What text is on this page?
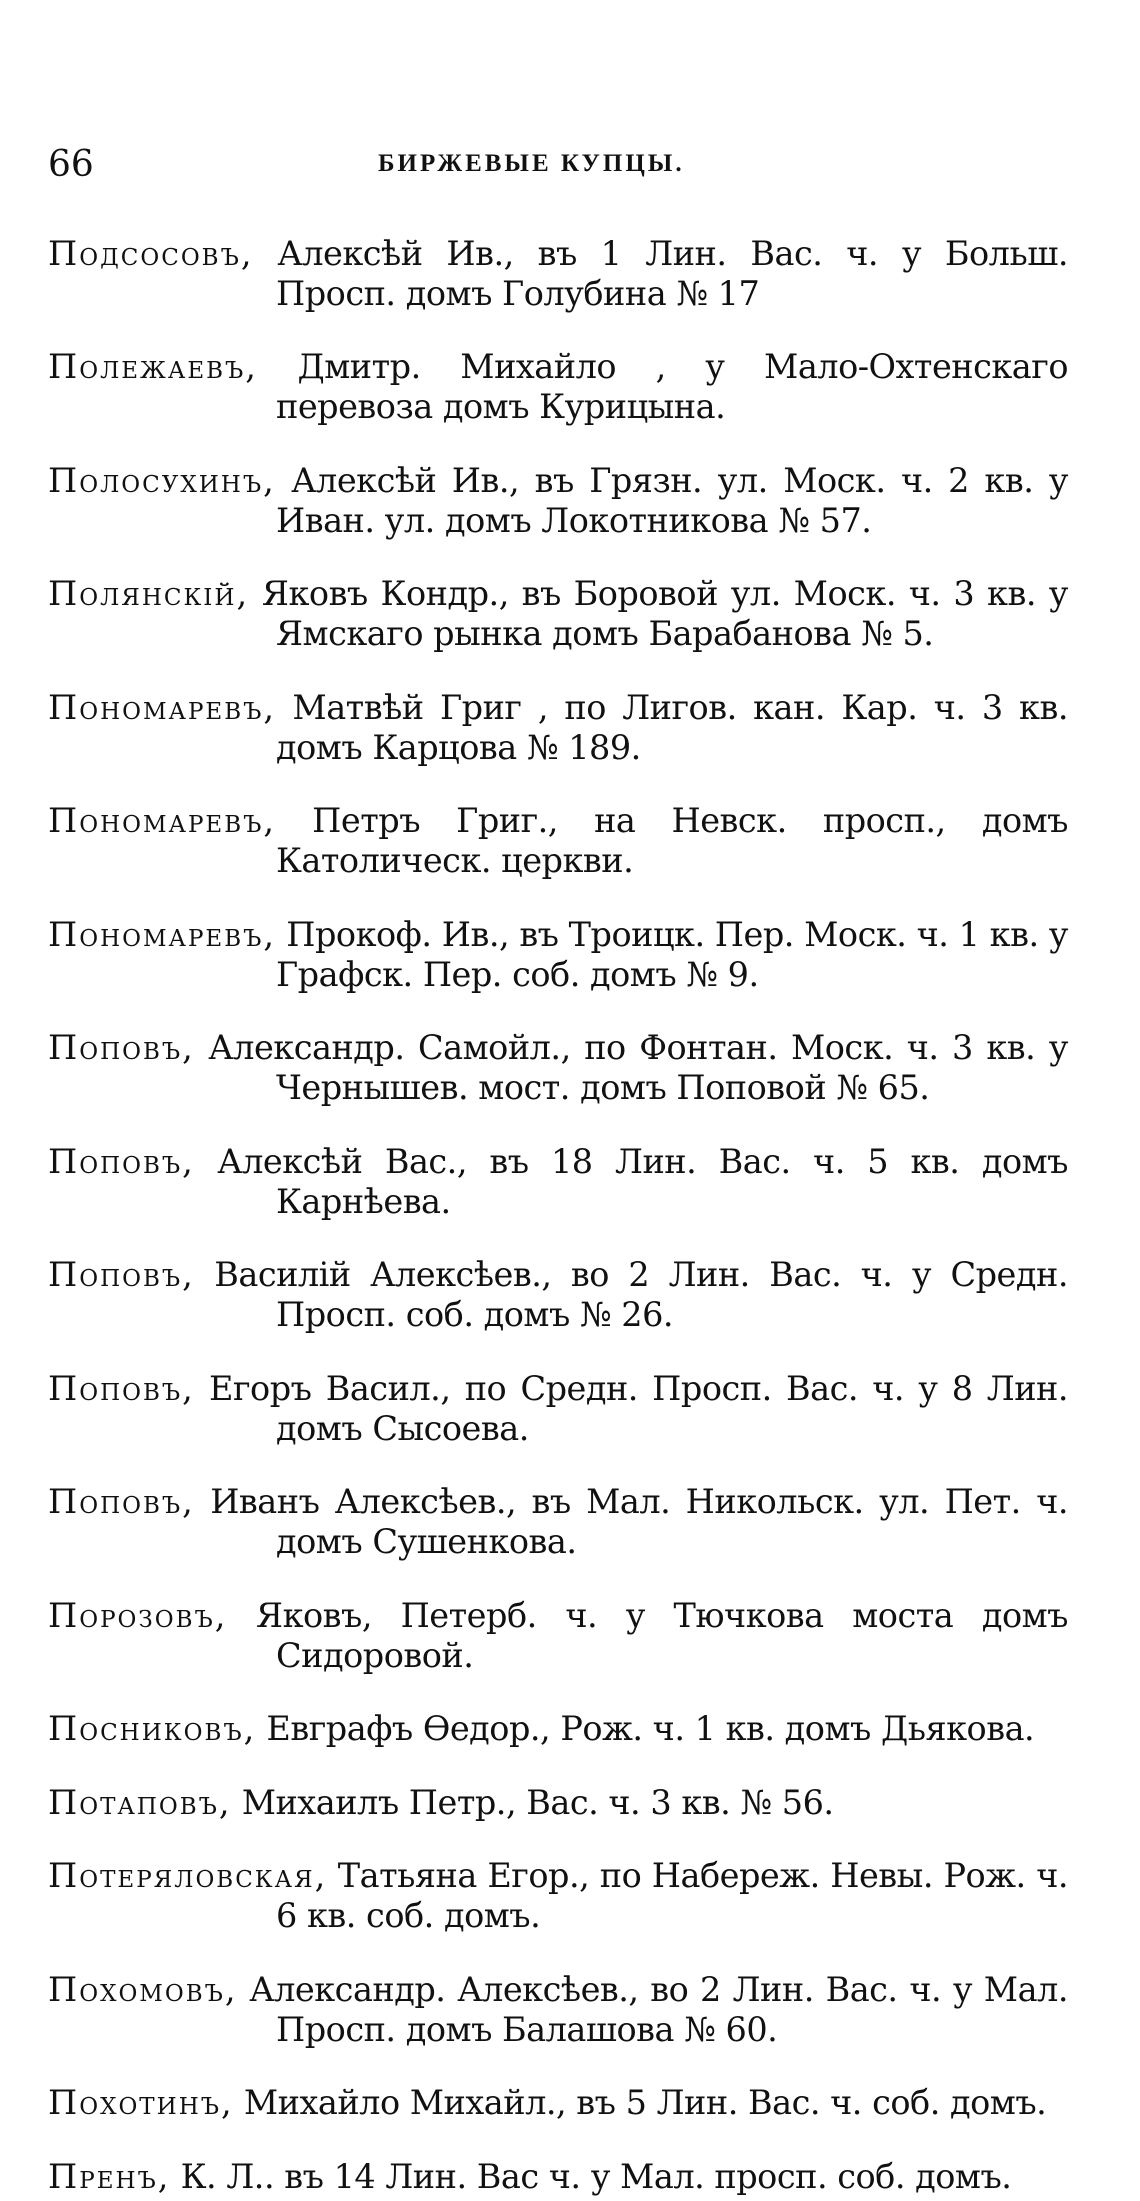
66	БИРЖЕВЫЕ КУПЦЫ.

Подсосовъ, Алексѣй Ив., въ 1 Лин. Вас. ч. у Больш. Просп. домъ Голубина № 17

Полежаевъ, Дмитр. Михайло , у Мало-Охтенскаго перевоза домъ Курицына.

Полосухинъ, Алексѣй Ив., въ Грязн. ул. Моск. ч. 2 кв. у Иван. ул. домъ Локотникова № 57.

Полянскій, Яковъ Кондр., въ Боровой ул. Моск. ч. 3 кв. у Ямскаго рынка домъ Барабанова № 5.

Пономаревъ, Матвѣй Григ , по Лигов. кан. Кар. ч. 3 кв. домъ Карцова № 189.

Пономаревъ, Петръ Григ., на Невск. просп., домъ Католическ. церкви.

Пономаревъ, Прокоф. Ив., въ Троицк. Пер. Моск. ч. 1 кв. у Графск. Пер. соб. домъ № 9.

Поповъ, Александр. Самойл., по Фонтан. Моск. ч. 3 кв. у Чернышев. мост. домъ Поповой № 65.

Поповъ, Алексѣй Вас., въ 18 Лин. Вас. ч. 5 кв. домъ Карнѣева.

Поповъ, Василій Алексѣев., во 2 Лин. Вас. ч. у Средн. Просп. соб. домъ № 26.

Поповъ, Егоръ Васил., по Средн. Просп. Вас. ч. у 8 Лин. домъ Сысоева.

Поповъ, Иванъ Алексѣев., въ Мал. Никольск. ул. Пет. ч. домъ Сушенкова.

Порозовъ, Яковъ, Петерб. ч. у Тючкова моста домъ Сидоровой.

Посниковъ, Евграфъ Ѳедор., Рож. ч. 1 кв. домъ Дьякова.

Потаповъ, Михаилъ Петр., Вас. ч. 3 кв. № 56.

Потеряловская, Татьяна Егор., по Набереж. Невы. Рож. ч. 6 кв. соб. домъ.

Похомовъ, Александр. Алексѣев., во 2 Лин. Вас. ч. у Мал. Просп. домъ Балашова № 60.

Похотинъ, Михайло Михайл., въ 5 Лин. Вас. ч. соб. домъ.

Пренъ, К. Л.. въ 14 Лин. Вас ч. у Мал. просп. соб. домъ.
